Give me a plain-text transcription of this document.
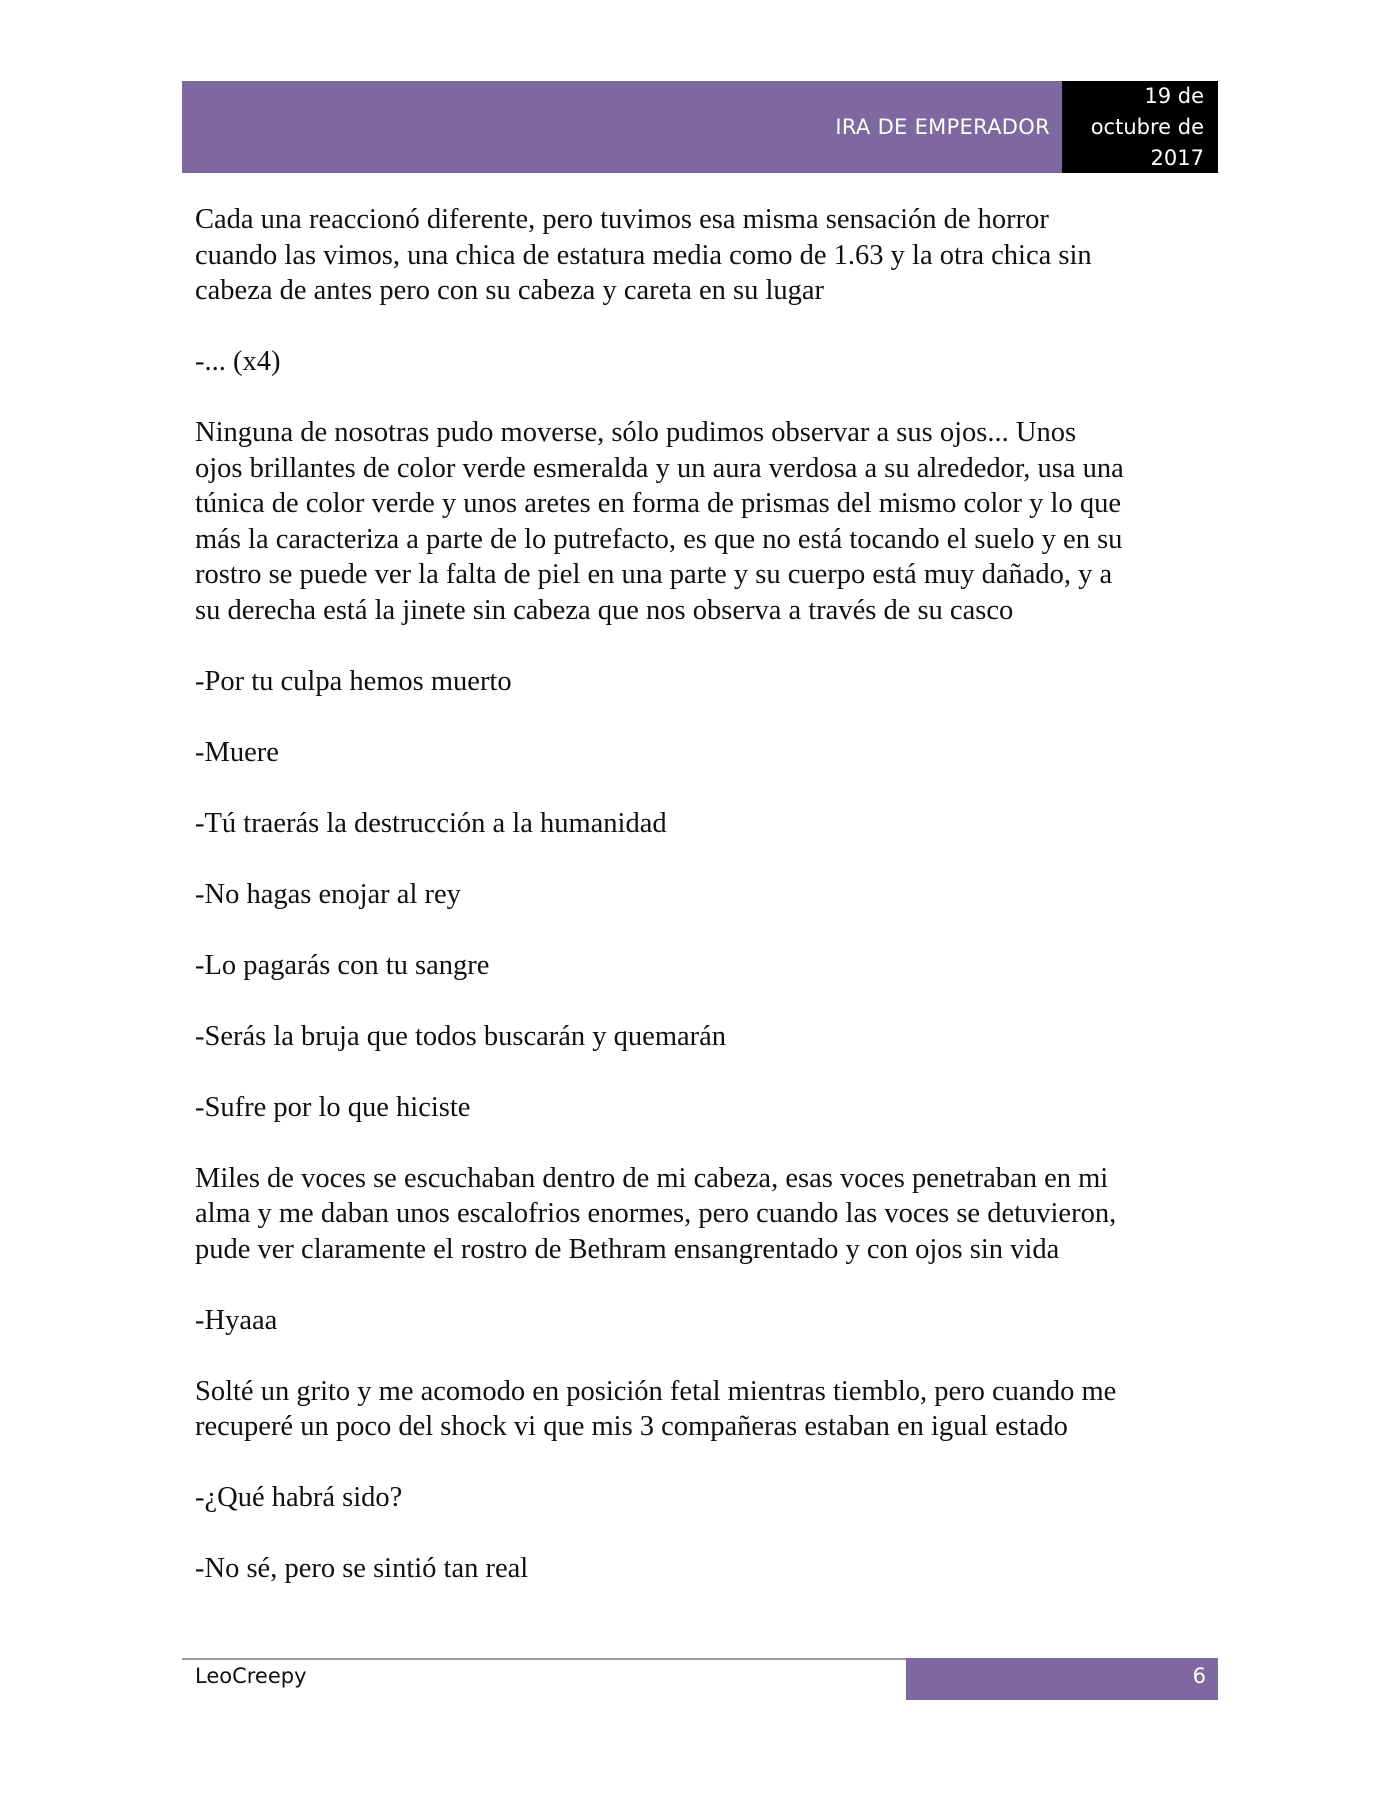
IRA DE EMPERADOR
19 de
octubre de
2017

Cada una reaccionó diferente, pero tuvimos esa misma sensación de horror
cuando las vimos, una chica de estatura media como de 1.63 y la otra chica sin
cabeza de antes pero con su cabeza y careta en su lugar

-... (x4)

Ninguna de nosotras pudo moverse, sólo pudimos observar a sus ojos... Unos
ojos brillantes de color verde esmeralda y un aura verdosa a su alrededor, usa una
túnica de color verde y unos aretes en forma de prismas del mismo color y lo que
más la caracteriza a parte de lo putrefacto, es que no está tocando el suelo y en su
rostro se puede ver la falta de piel en una parte y su cuerpo está muy dañado, y a
su derecha está la jinete sin cabeza que nos observa a través de su casco

-Por tu culpa hemos muerto

-Muere

-Tú traerás la destrucción a la humanidad

-No hagas enojar al rey

-Lo pagarás con tu sangre

-Serás la bruja que todos buscarán y quemarán

-Sufre por lo que hiciste

Miles de voces se escuchaban dentro de mi cabeza, esas voces penetraban en mi
alma y me daban unos escalofrios enormes, pero cuando las voces se detuvieron,
pude ver claramente el rostro de Bethram ensangrentado y con ojos sin vida

-Hyaaa

Solté un grito y me acomodo en posición fetal mientras tiemblo, pero cuando me
recuperé un poco del shock vi que mis 3 compañeras estaban en igual estado

-¿Qué habrá sido?

-No sé, pero se sintió tan real

LeoCreepy	6
